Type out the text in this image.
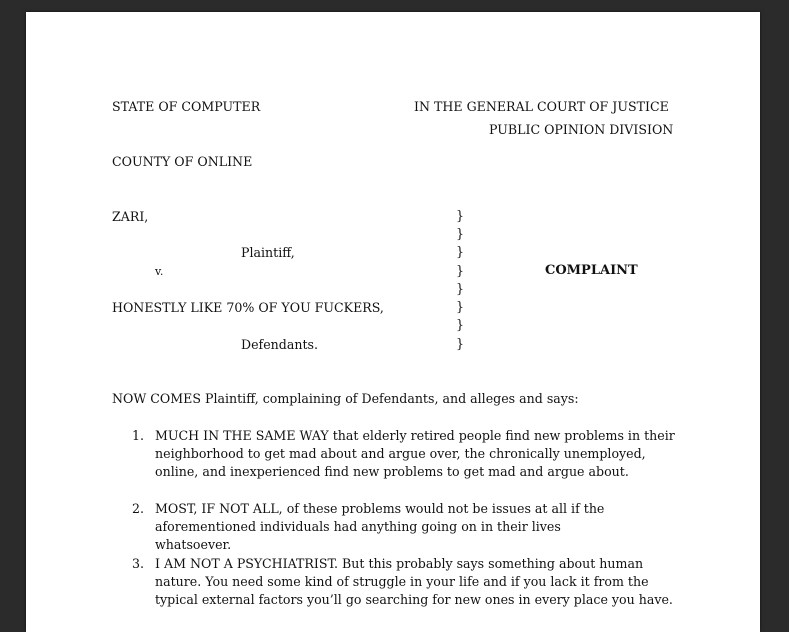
STATE OF COMPUTER	IN THE GENERAL COURT OF JUSTICE
PUBLIC OPINION DIVISION
COUNTY OF ONLINE
ZARI,
Plaintiff,
v.
HONESTLY LIKE 70% OF YOU FUCKERS,
Defendants.
}
}
}
}
}
}
}
}
COMPLAINT
NOW COMES Plaintiff, complaining of Defendants, and alleges and says:
1. MUCH IN THE SAME WAY that elderly retired people find new problems in their neighborhood to get mad about and argue over, the chronically unemployed, online, and inexperienced find new problems to get mad and argue about.
2. MOST, IF NOT ALL, of these problems would not be issues at all if the aforementioned individuals had anything going on in their lives whatsoever.
3. I AM NOT A PSYCHIATRIST. But this probably says something about human nature. You need some kind of struggle in your life and if you lack it from the typical external factors you’ll go searching for new ones in every place you have.
